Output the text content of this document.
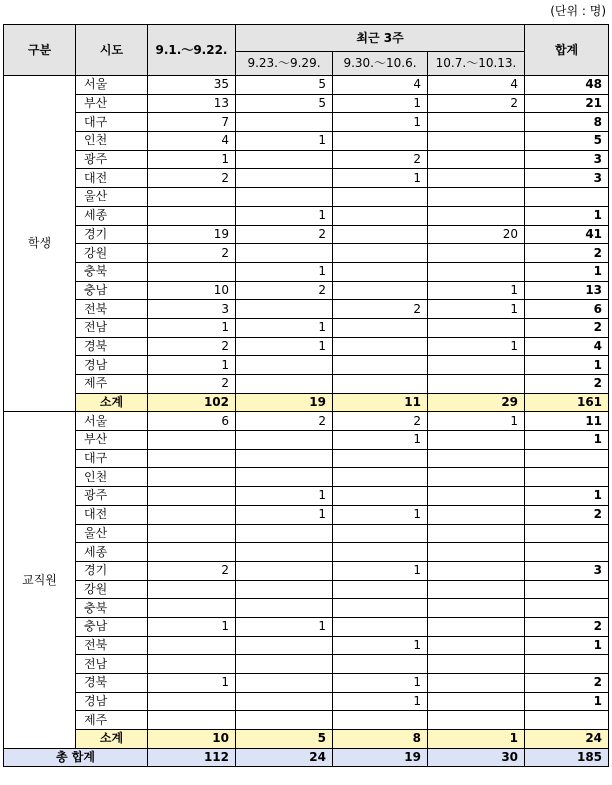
(단위 : 명)
구분	시도	9.1.～9.22.	최근 3주			합계
			9.23.～9.29.	9.30.～10.6.	10.7.～10.13.	
학생	서울	35	5	4	4	48
	부산	13	5	1	2	21
	대구	7		1		8
	인천	4	1			5
	광주	1		2		3
	대전	2		1		3
	울산					
	세종		1			1
	경기	19	2		20	41
	강원	2				2
	충북		1			1
	충남	10	2		1	13
	전북	3		2	1	6
	전남	1	1			2
	경북	2	1		1	4
	경남	1				1
	제주	2				2
	소계	102	19	11	29	161
교직원	서울	6	2	2	1	11
	부산			1		1
	대구					
	인천					
	광주		1			1
	대전		1	1		2
	울산					
	세종					
	경기	2		1		3
	강원					
	충북					
	충남	1	1			2
	전북			1		1
	전남					
	경북	1		1		2
	경남			1		1
	제주					
	소계	10	5	8	1	24
총 합계		112	24	19	30	185
